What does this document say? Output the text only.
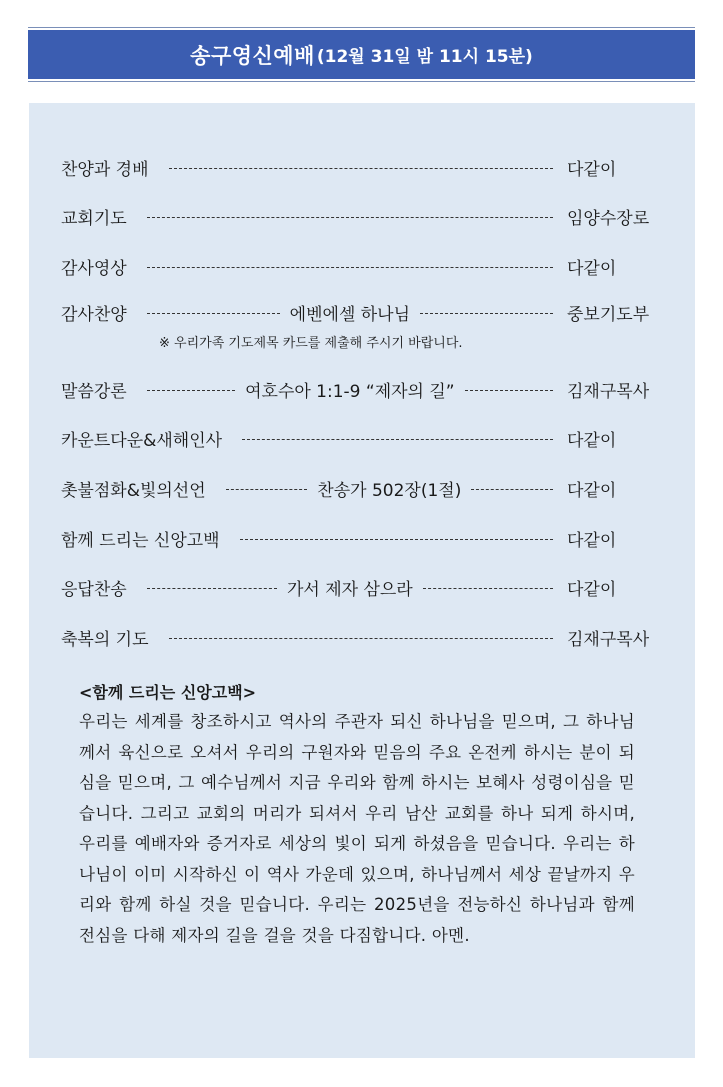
송구영신예배 (12월 31일 밤 11시 15분)
찬양과 경배	다같이
교회기도	임양수장로
감사영상	다같이
감사찬양	에벤에셀 하나님	중보기도부
말씀강론	여호수아 1:1-9 “제자의 길”	김재구목사
카운트다운&새해인사	다같이
촛불점화&빛의선언	찬송가 502장(1절)	다같이
함께 드리는 신앙고백	다같이
응답찬송	가서 제자 삼으라	다같이
축복의 기도	김재구목사
※ 우리가족 기도제목 카드를 제출해 주시기 바랍니다.
<함께 드리는 신앙고백>
우리는 세계를 창조하시고 역사의 주관자 되신 하나님을 믿으며, 그 하나님께서 육신으로 오셔서 우리의 구원자와 믿음의 주요 온전케 하시는 분이 되심을 믿으며, 그 예수님께서 지금 우리와 함께 하시는 보혜사 성령이심을 믿습니다. 그리고 교회의 머리가 되셔서 우리 남산 교회를 하나 되게 하시며, 우리를 예배자와 증거자로 세상의 빛이 되게 하셨음을 믿습니다. 우리는 하나님이 이미 시작하신 이 역사 가운데 있으며, 하나님께서 세상 끝날까지 우리와 함께 하실 것을 믿습니다. 우리는 2025년을 전능하신 하나님과 함께 전심을 다해 제자의 길을 걸을 것을 다짐합니다. 아멘.
